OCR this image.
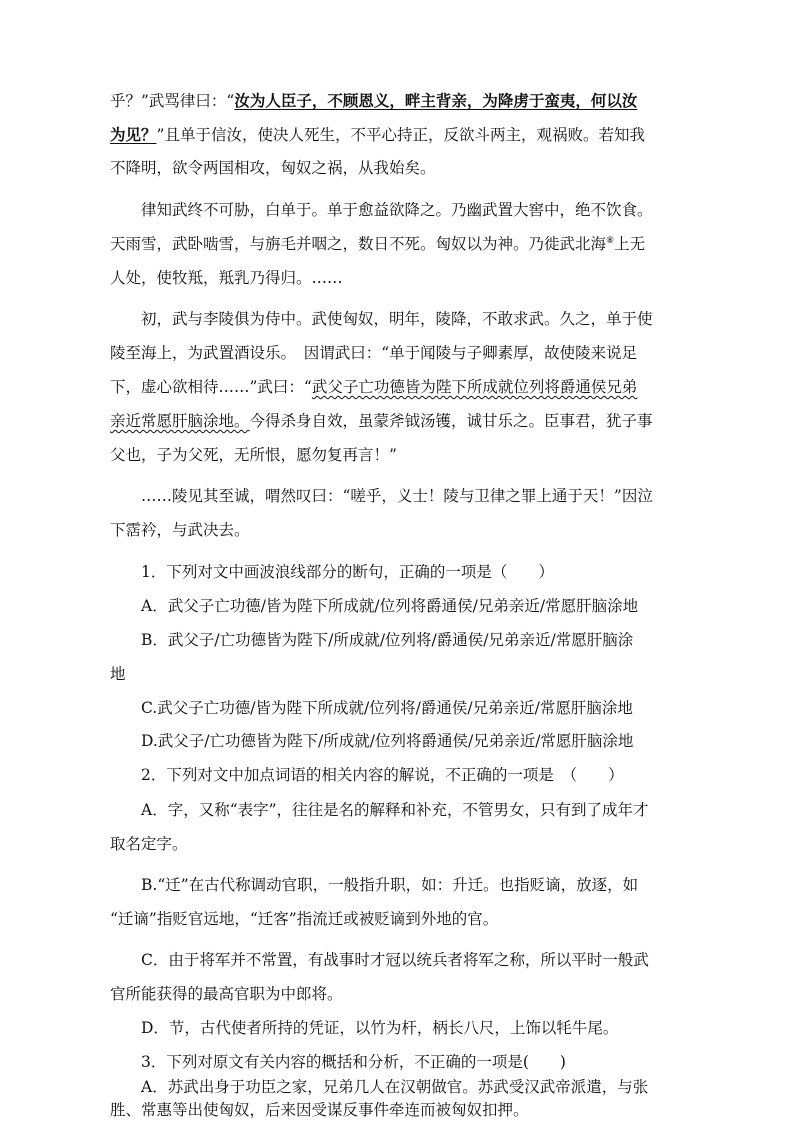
乎？”武骂律曰：“汝为人臣子，不顾恩义，畔主背亲，为降虏于蛮夷，何以汝
为见？”且单于信汝，使决人死生，不平心持正，反欲斗两主，观祸败。若知我
不降明，欲令两国相攻，匈奴之祸，从我始矣。
律知武终不可胁，白单于。单于愈益欲降之。乃幽武置大窖中，绝不饮食。
天雨雪，武卧啮雪，与旃毛并咽之，数日不死。匈奴以为神。乃徙武北海⑧上无
人处，使牧羝，羝乳乃得归。……
初，武与李陵俱为侍中。武使匈奴，明年，陵降，不敢求武。久之，单于使
陵至海上，为武置酒设乐。　因谓武曰：“单于闻陵与子卿素厚，故使陵来说足
下，虚心欲相待……”武曰：“武父子亡功德皆为陛下所成就位列将爵通侯兄弟
亲近常愿肝脑涂地。今得杀身自效，虽蒙斧钺汤镬，诚甘乐之。臣事君，犹子事
父也，子为父死，无所恨，愿勿复再言！”
……陵见其至诚，喟然叹曰：“嗟乎，义士！陵与卫律之罪上通于天！”因泣
下霑衿，与武决去。
1．下列对文中画波浪线部分的断句，正确的一项是（　　）
A．武父子亡功德/皆为陛下所成就/位列将爵通侯/兄弟亲近/常愿肝脑涂地
B．武父子/亡功德皆为陛下/所成就/位列将/爵通侯/兄弟亲近/常愿肝脑涂
地
C.武父子亡功德/皆为陛下所成就/位列将/爵通侯/兄弟亲近/常愿肝脑涂地
D.武父子/亡功德皆为陛下/所成就/位列将爵通侯/兄弟亲近/常愿肝脑涂地
2．下列对文中加点词语的相关内容的解说，不正确的一项是　（　　）
A．字，又称“表字”，往往是名的解释和补充，不管男女，只有到了成年才
取名定字。
B.“迁”在古代称调动官职，一般指升职，如：升迁。也指贬谪，放逐，如
“迁谪”指贬官远地，“迁客”指流迁或被贬谪到外地的官。
C．由于将军并不常置，有战事时才冠以统兵者将军之称，所以平时一般武
官所能获得的最高官职为中郎将。
D．节，古代使者所持的凭证，以竹为杆，柄长八尺，上饰以牦牛尾。
3．下列对原文有关内容的概括和分析，不正确的一项是(　　)
A．苏武出身于功臣之家，兄弟几人在汉朝做官。苏武受汉武帝派遣，与张
胜、常惠等出使匈奴，后来因受谋反事件牵连而被匈奴扣押。
